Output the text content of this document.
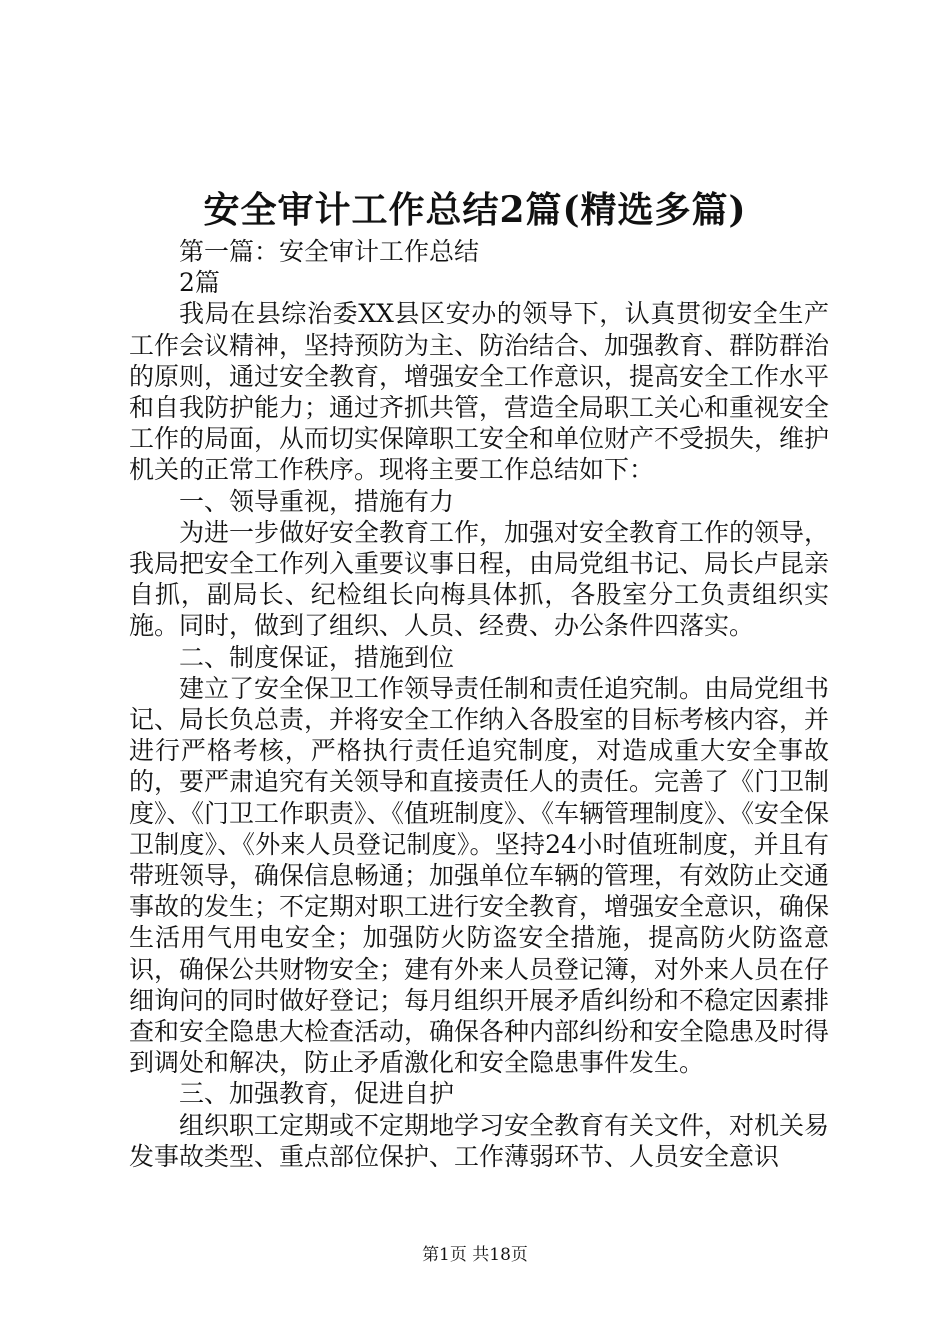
安全审计工作总结2篇(精选多篇)

第一篇：安全审计工作总结

2篇

我局在县综治委XX县区安办的领导下，认真贯彻安全生产工作会议精神，坚持预防为主、防治结合、加强教育、群防群治的原则，通过安全教育，增强安全工作意识，提高安全工作水平和自我防护能力；通过齐抓共管，营造全局职工关心和重视安全工作的局面，从而切实保障职工安全和单位财产不受损失，维护机关的正常工作秩序。现将主要工作总结如下：

一、领导重视，措施有力

为进一步做好安全教育工作，加强对安全教育工作的领导，我局把安全工作列入重要议事日程，由局党组书记、局长卢昆亲自抓，副局长、纪检组长向梅具体抓，各股室分工负责组织实施。同时，做到了组织、人员、经费、办公条件四落实。

二、制度保证，措施到位

建立了安全保卫工作领导责任制和责任追究制。由局党组书记、局长负总责，并将安全工作纳入各股室的目标考核内容，并进行严格考核，严格执行责任追究制度，对造成重大安全事故的，要严肃追究有关领导和直接责任人的责任。完善了《门卫制度》、《门卫工作职责》、《值班制度》、《车辆管理制度》、《安全保卫制度》、《外来人员登记制度》。坚持24小时值班制度，并且有带班领导，确保信息畅通；加强单位车辆的管理，有效防止交通事故的发生；不定期对职工进行安全教育，增强安全意识，确保生活用气用电安全；加强防火防盗安全措施，提高防火防盗意识，确保公共财物安全；建有外来人员登记簿，对外来人员在仔细询问的同时做好登记；每月组织开展矛盾纠纷和不稳定因素排查和安全隐患大检查活动，确保各种内部纠纷和安全隐患及时得到调处和解决，防止矛盾激化和安全隐患事件发生。

三、加强教育，促进自护

组织职工定期或不定期地学习安全教育有关文件，对机关易发事故类型、重点部位保护、工作薄弱环节、人员安全意识

第1页 共18页
